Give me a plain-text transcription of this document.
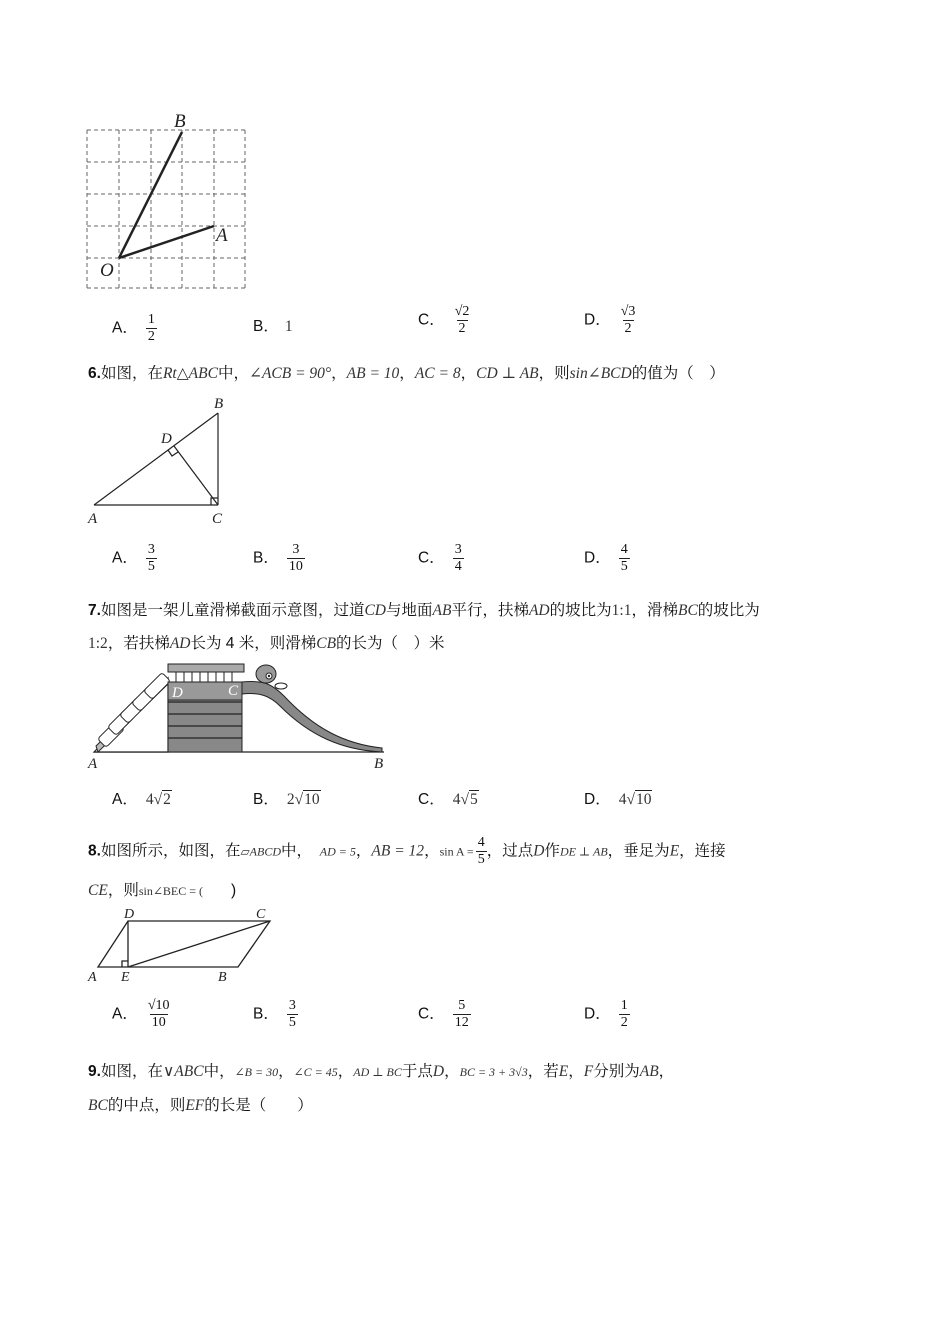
B
A
O
A． $\frac{1}{2}$	B． 1	C． $\frac{√2}{2}$	D． $\frac{√3}{2}$
6.如图，在Rt△ABC中，∠ACB = 90°，AB = 10，AC = 8，CD ⊥ AB，则sin∠BCD的值为（　）
B
D
A	C
A． $\frac{3}{5}$	B． $\frac{3}{10}$	C． $\frac{3}{4}$	D． $\frac{4}{5}$
7.如图是一架儿童滑梯截面示意图，过道CD与地面AB平行，扶梯AD的坡比为1:1，滑梯BC的坡比为
1:2，若扶梯AD长为 4 米，则滑梯CB的长为（　）米
D	C
A	B
A． 4√2	B． 2√10	C． 4√5	D． 4√10
8.如图所示，如图，在▱ABCD中，　 AD = 5，AB = 12，$\sin A = \frac{4}{5}$ ，过点D作DE ⊥ AB，垂足为E，连接
CE，则sin∠BEC = ( )
D	C
A E	B
A． $\frac{√10}{10}$	B． $\frac{3}{5}$	C． $\frac{5}{12}$	D． $\frac{1}{2}$
9.如图，在∨ABC中，∠B = 30，∠C = 45，AD ⊥ BC于点D，BC = 3 + 3√3，若E，F分别为AB，
BC的中点，则EF的长是（　　）
